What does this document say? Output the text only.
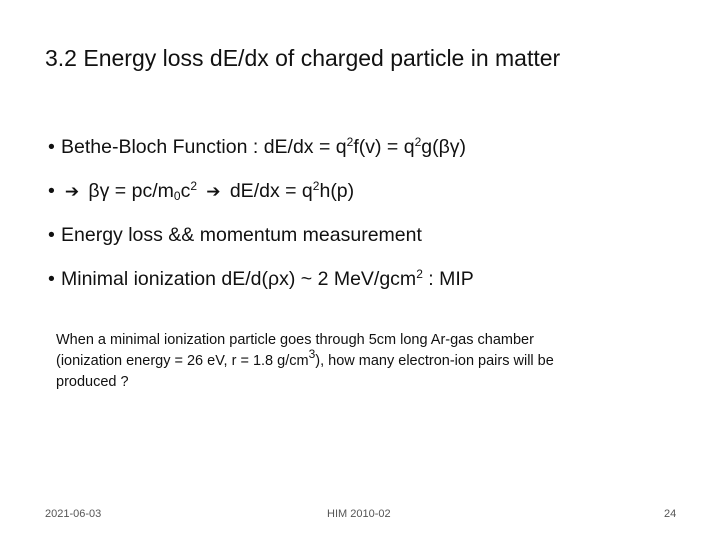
3.2 Energy loss dE/dx of charged particle in matter
• Bethe-Bloch Function : $dE/dx = q^2f(v) = q^2g(\beta\gamma)$
• ➔ $\beta\gamma = pc/m_0c^2$ ➔ $dE/dx = q^2h(p)$
• Energy loss && momentum measurement
• Minimal ionization dE/d(ρx) ~ 2 MeV/gcm$^2$ : MIP
When a minimal ionization particle goes through 5cm long Ar-gas chamber (ionization energy = 26 eV, r = 1.8 $g/cm^3$), how many electron-ion pairs will be produced ?
2021-06-03	HIM 2010-02	24
